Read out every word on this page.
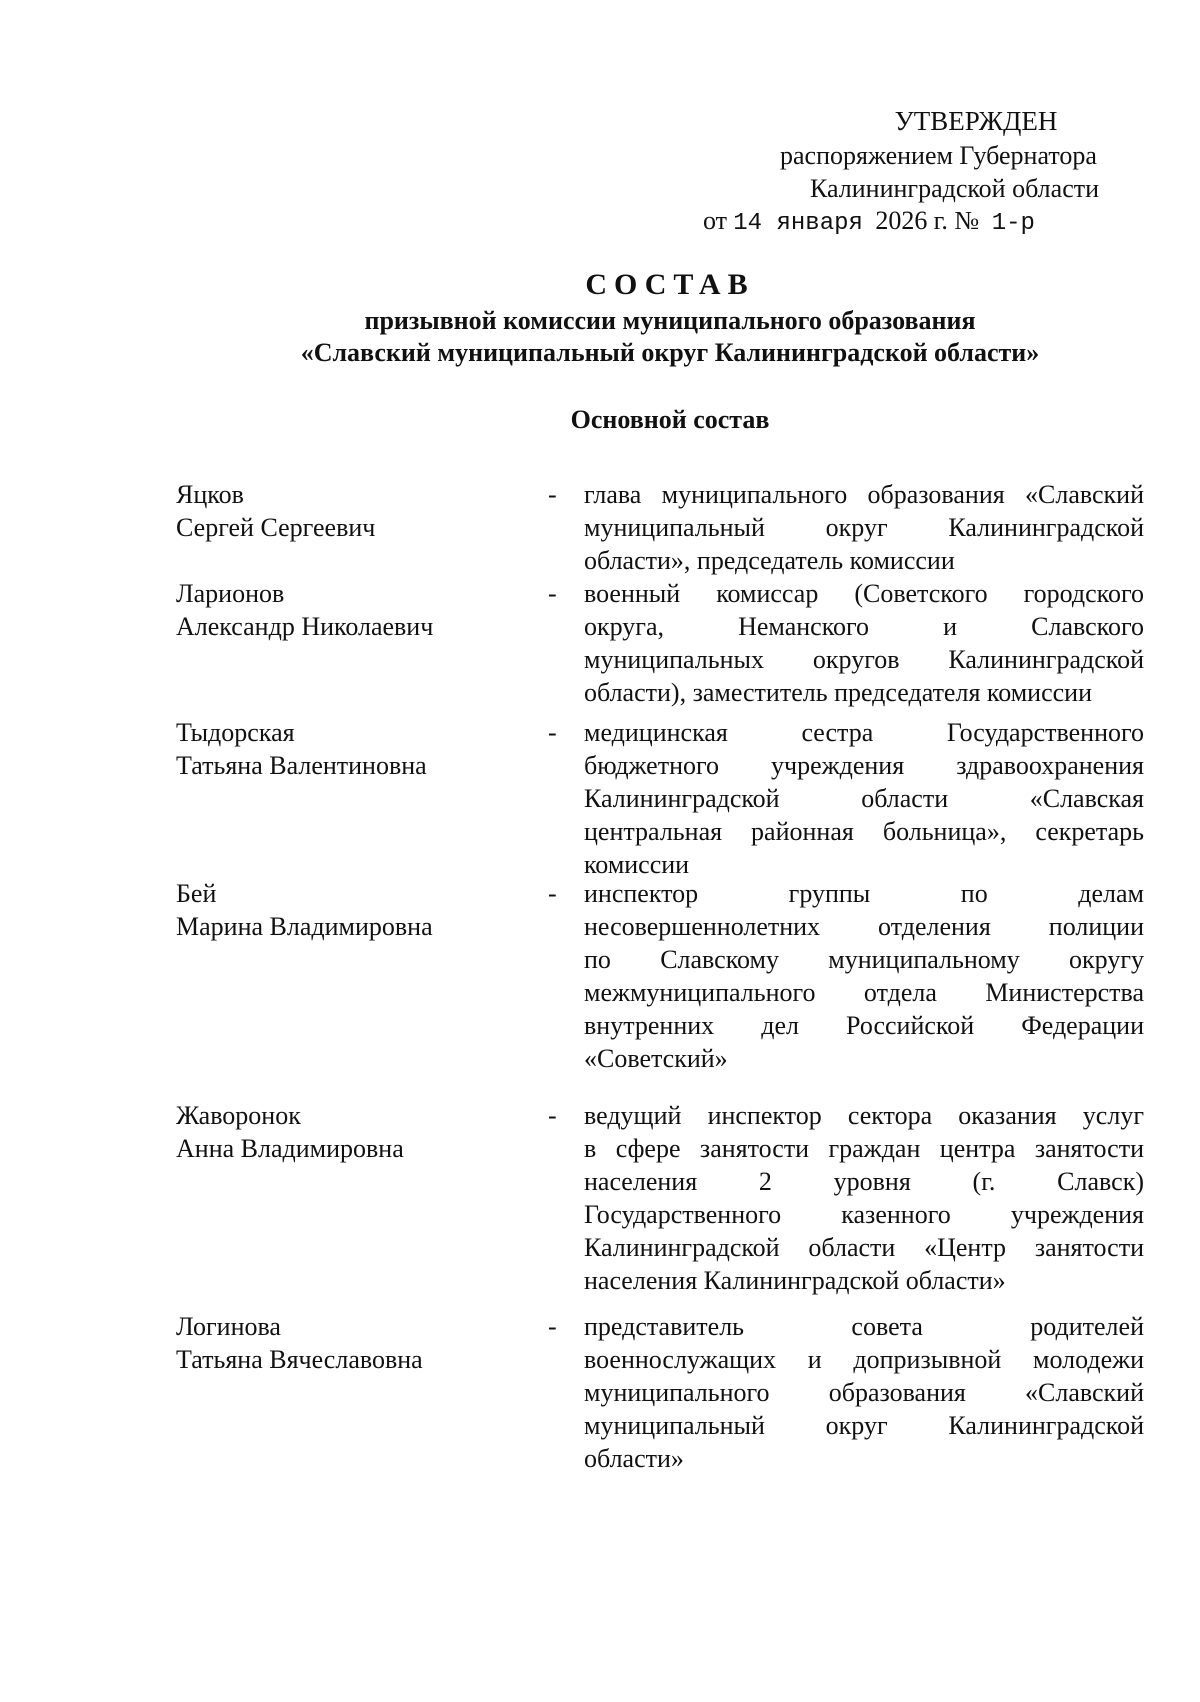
УТВЕРЖДЕН
распоряжением Губернатора
Калининградской области
от 14 января 2026 г. № 1-р
СОСТАВ
призывной комиссии муниципального образования
«Славский муниципальный округ Калининградской области»
Основной состав
Яцков
Сергей Сергеевич
-	глава муниципального образования «Славский
муниципальный округ Калининградской
области», председатель комиссии
Ларионов
Александр Николаевич
-	военный комиссар (Советского городского
округа, Неманского и Славского
муниципальных округов Калининградской
области), заместитель председателя комиссии
Тыдорская
Татьяна Валентиновна
-	медицинская сестра Государственного
бюджетного учреждения здравоохранения
Калининградской области «Славская
центральная районная больница», секретарь
комиссии
Бей
Марина Владимировна
-	инспектор группы по делам
несовершеннолетних отделения полиции
по Славскому муниципальному округу
межмуниципального отдела Министерства
внутренних дел Российской Федерации
«Советский»
Жаворонок
Анна Владимировна
-	ведущий инспектор сектора оказания услуг
в сфере занятости граждан центра занятости
населения 2 уровня (г. Славск)
Государственного казенного учреждения
Калининградской области «Центр занятости
населения Калининградской области»
Логинова
Татьяна Вячеславовна
-	представитель совета родителей
военнослужащих и допризывной молодежи
муниципального образования «Славский
муниципальный округ Калининградской
области»
